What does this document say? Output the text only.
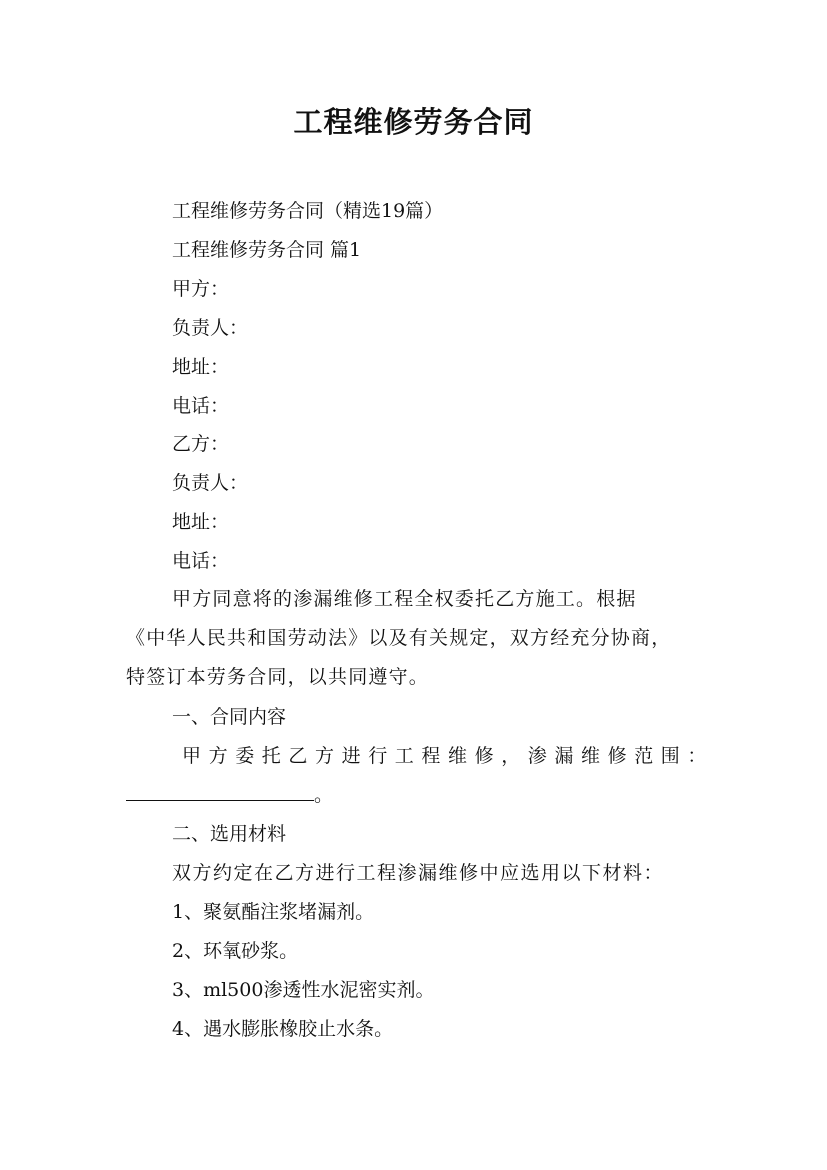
工程维修劳务合同

工程维修劳务合同（精选19篇）

工程维修劳务合同 篇1

甲方：

负责人：

地址：

电话：

乙方：

负责人：

地址：

电话：

甲方同意将的渗漏维修工程全权委托乙方施工。根据
《中华人民共和国劳动法》以及有关规定，双方经充分协商，
特签订本劳务合同，以共同遵守。

一、合同内容

甲方委托乙方进行工程维修，渗漏维修范围：

。

二、选用材料

双方约定在乙方进行工程渗漏维修中应选用以下材料：

1、聚氨酯注浆堵漏剂。

2、环氧砂浆。

3、ml500渗透性水泥密实剂。

4、遇水膨胀橡胶止水条。
